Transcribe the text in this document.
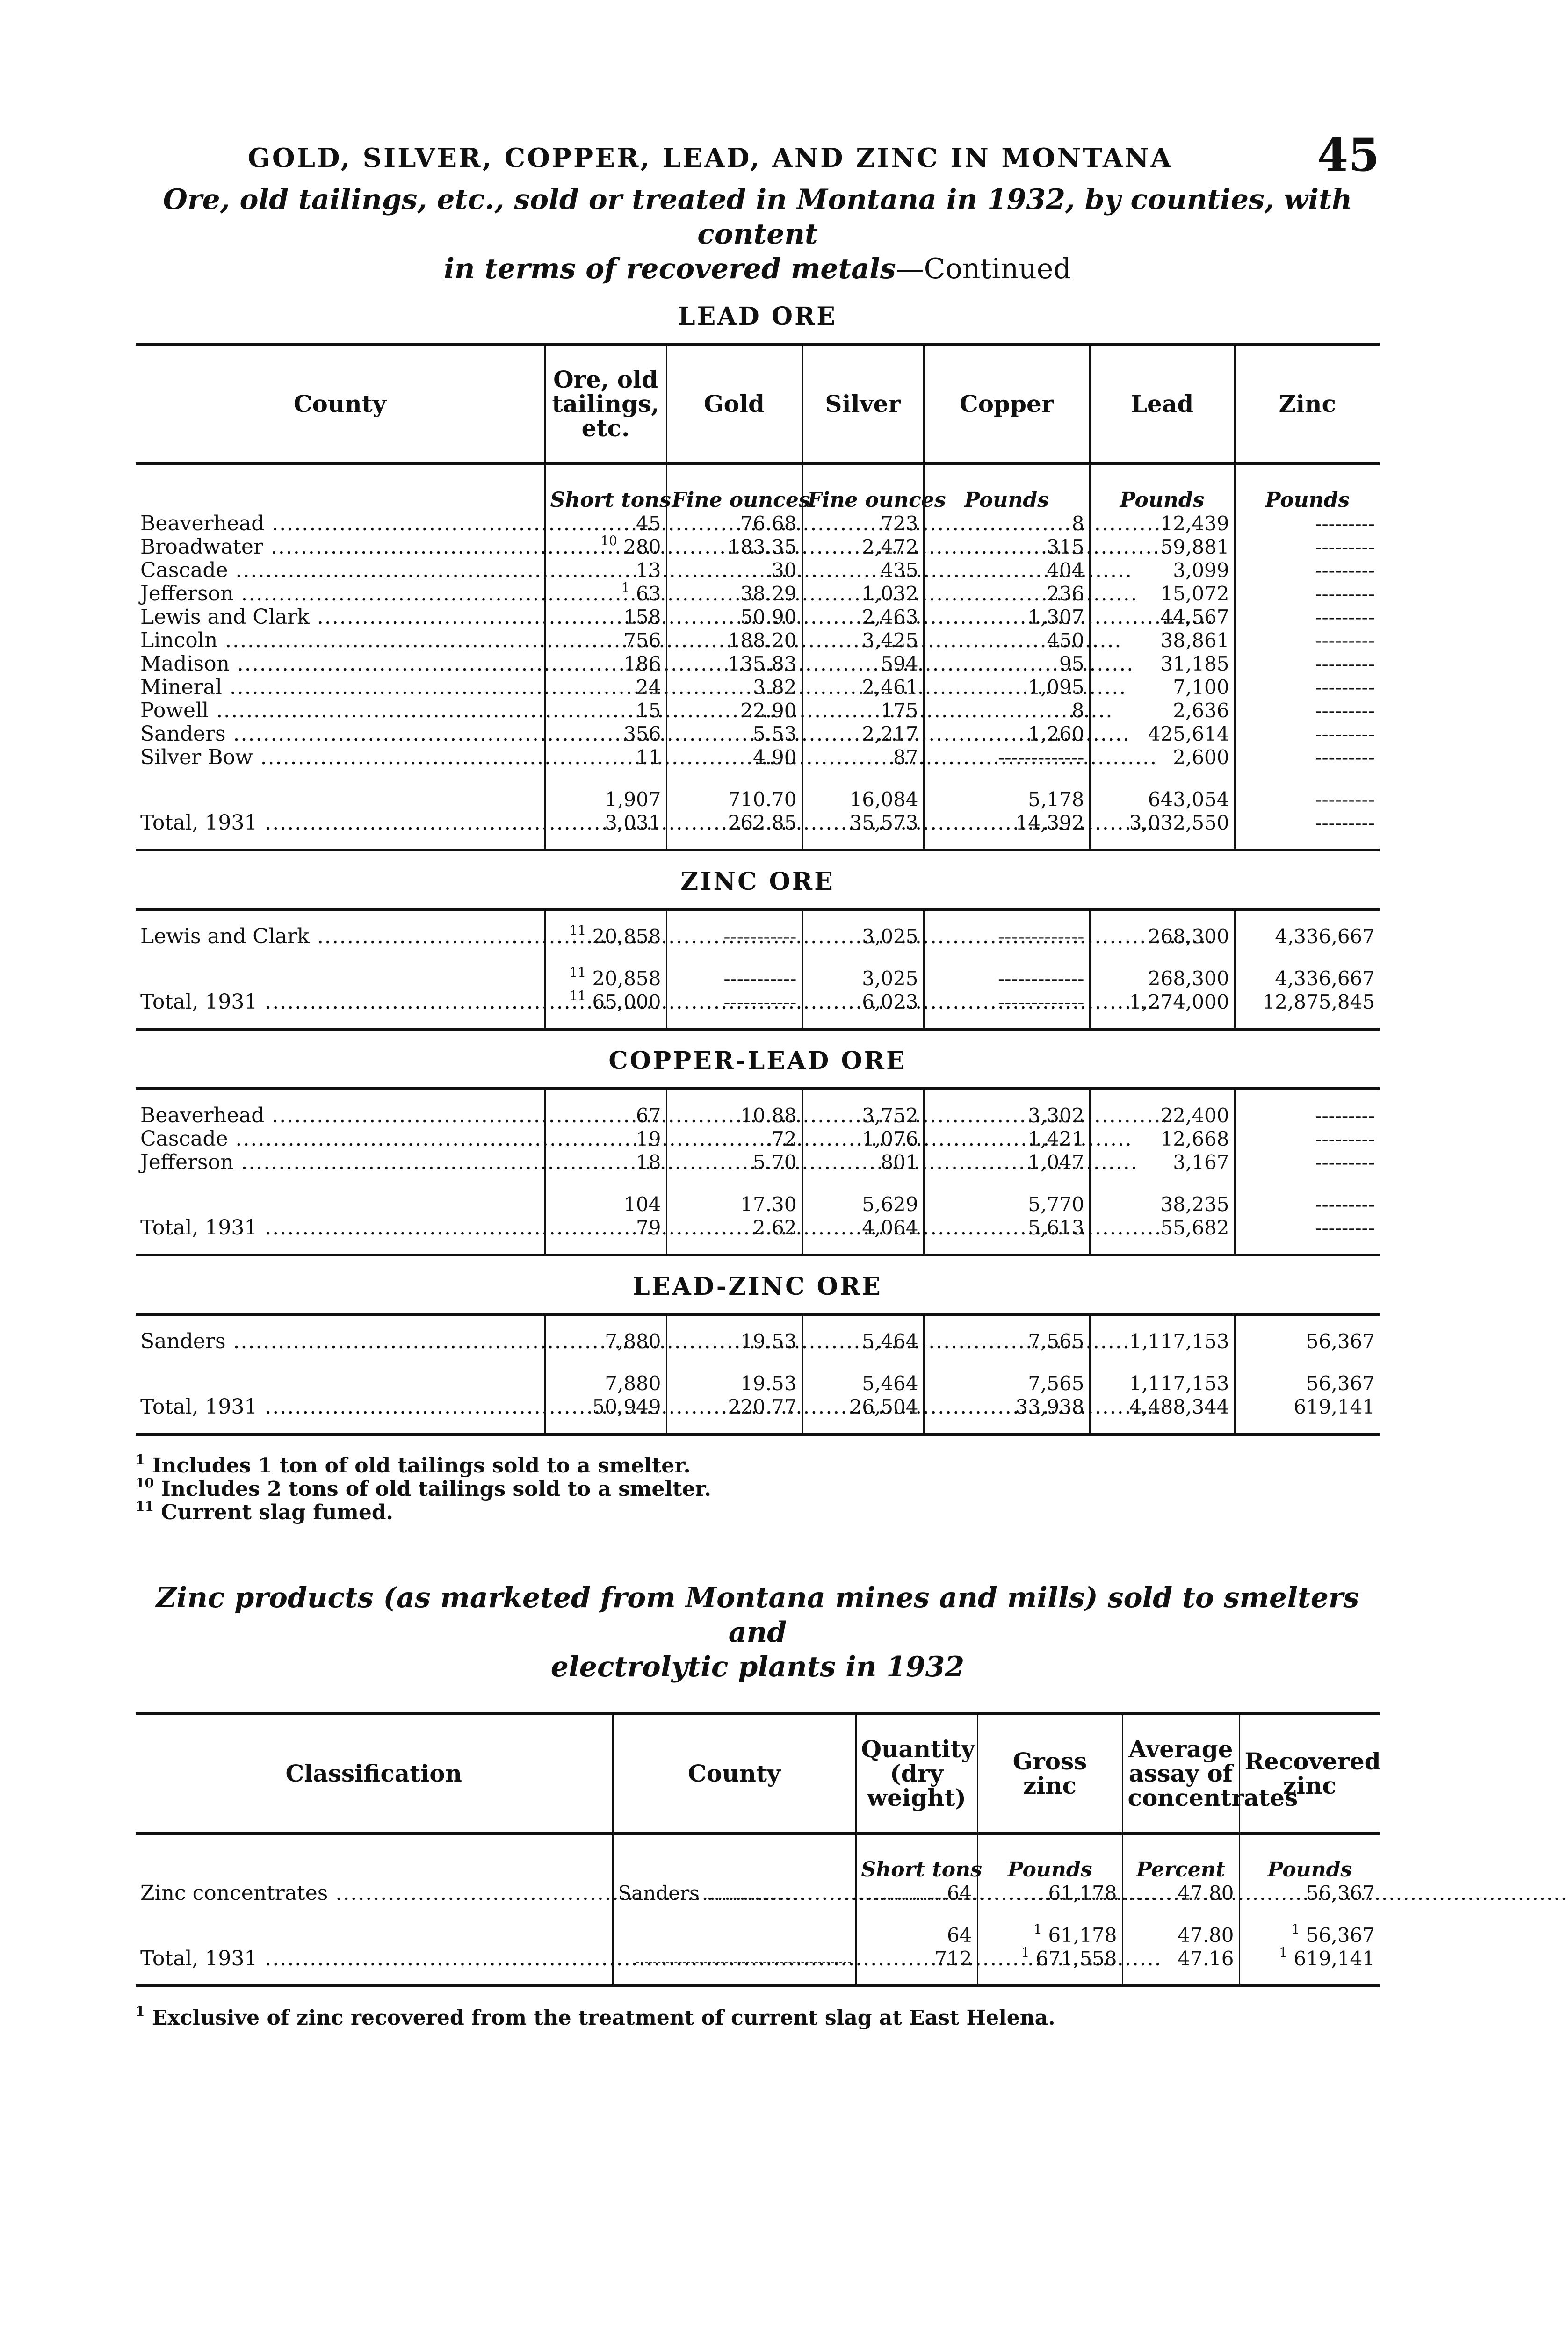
GOLD, SILVER, COPPER, LEAD, AND ZINC IN MONTANA	45
Ore, old tailings, etc., sold or treated in Montana in 1932, by counties, with content
in terms of recovered metals—Continued
LEAD ORE
County	Ore, old tailings, etc.	Gold	Silver	Copper	Lead	Zinc
	Short tons	Fine ounces	Fine ounces	Pounds	Pounds	Pounds
Beaverhead .....	45	76.68	723	8	12,439	---------
Broadwater .....	$^{10}$ 280	183.35	2,472	315	59,881	---------
Cascade .....	13	.30	435	404	3,099	---------
Jefferson .....	$^1$ 63	38.29	1,032	236	15,072	---------
Lewis and Clark .....	158	50.90	2,463	1,307	44,567	---------
Lincoln .....	756	188.20	3,425	450	38,861	---------
Madison .....	186	135.83	594	95	31,185	---------
Mineral .....	24	3.82	2,461	1,095	7,100	---------
Powell .....	15	22.90	175	8	2,636	---------
Sanders .....	356	5.53	2,217	1,260	425,614	---------
Silver Bow .....	11	4.90	87	-------------	2,600	---------

	1,907	710.70	16,084	5,178	643,054	---------
Total, 1931 .....	3,031	262.85	35,573	14,392	3,032,550	---------
ZINC ORE
Lewis and Clark .....	$^{11}$ 20,858	-----------	3,025	-------------	268,300	4,336,667

	$^{11}$ 20,858	-----------	3,025	-------------	268,300	4,336,667
Total, 1931 .....	$^{11}$ 65,000	-----------	6,023	-------------	1,274,000	12,875,845
COPPER-LEAD ORE
Beaverhead .....	67	10.88	3,752	3,302	22,400	---------
Cascade .....	19	.72	1,076	1,421	12,668	---------
Jefferson .....	18	5.70	801	1,047	3,167	---------

	104	17.30	5,629	5,770	38,235	---------
Total, 1931 .....	79	2.62	4,064	5,613	55,682	---------
LEAD-ZINC ORE
Sanders .....	7,880	19.53	5,464	7,565	1,117,153	56,367

	7,880	19.53	5,464	7,565	1,117,153	56,367
Total, 1931 .....	50,949	220.77	26,504	33,938	4,488,344	619,141
$^1$ Includes 1 ton of old tailings sold to a smelter.
$^{10}$ Includes 2 tons of old tailings sold to a smelter.
$^{11}$ Current slag fumed.
Zinc products (as marketed from Montana mines and mills) sold to smelters and
electrolytic plants in 1932
Classification	County	Quantity (dry weight)	Gross zinc	Average assay of concentrates	Recovered zinc
		Short tons	Pounds	Percent	Pounds
Zinc concentrates .....	Sanders .....	64	61,178	47.80	56,367

		64	$^1$ 61,178	47.80	$^1$ 56,367
Total, 1931 .....		712	$^1$ 671,558	47.16	$^1$ 619,141
$^1$ Exclusive of zinc recovered from the treatment of current slag at East Helena.
